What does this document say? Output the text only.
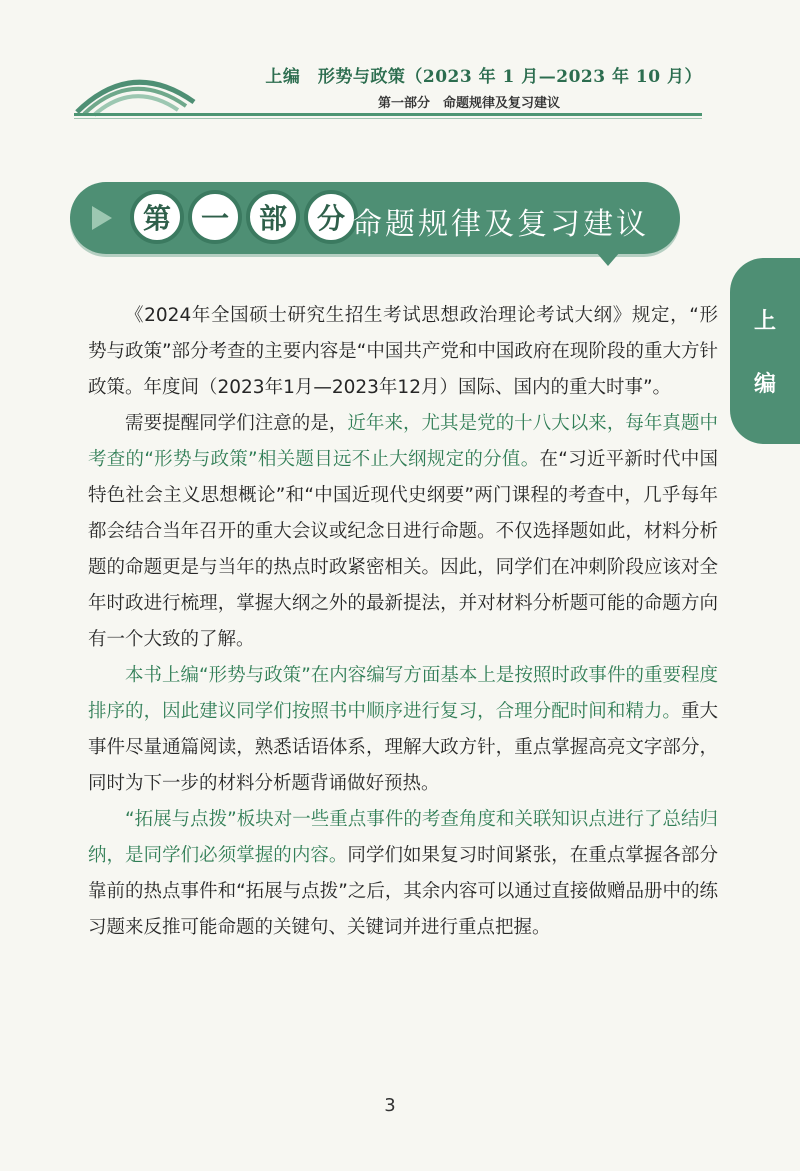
上编　形势与政策（2023 年 1 月—2023 年 10 月）
第一部分　命题规律及复习建议
第	一	部	分 命题规律及复习建议
上
编

《2024年全国硕士研究生招生考试思想政治理论考试大纲》规定，“形势与政策”部分考查的主要内容是“中国共产党和中国政府在现阶段的重大方针政策。年度间（2023年1月—2023年12月）国际、国内的重大时事”。

需要提醒同学们注意的是，近年来，尤其是党的十八大以来，每年真题中考查的“形势与政策”相关题目远不止大纲规定的分值。在“习近平新时代中国特色社会主义思想概论”和“中国近现代史纲要”两门课程的考查中，几乎每年都会结合当年召开的重大会议或纪念日进行命题。不仅选择题如此，材料分析题的命题更是与当年的热点时政紧密相关。因此，同学们在冲刺阶段应该对全年时政进行梳理，掌握大纲之外的最新提法，并对材料分析题可能的命题方向有一个大致的了解。

本书上编“形势与政策”在内容编写方面基本上是按照时政事件的重要程度排序的，因此建议同学们按照书中顺序进行复习，合理分配时间和精力。重大事件尽量通篇阅读，熟悉话语体系，理解大政方针，重点掌握高亮文字部分，同时为下一步的材料分析题背诵做好预热。

“拓展与点拨”板块对一些重点事件的考查角度和关联知识点进行了总结归纳，是同学们必须掌握的内容。同学们如果复习时间紧张，在重点掌握各部分靠前的热点事件和“拓展与点拨”之后，其余内容可以通过直接做赠品册中的练习题来反推可能命题的关键句、关键词并进行重点把握。

3
